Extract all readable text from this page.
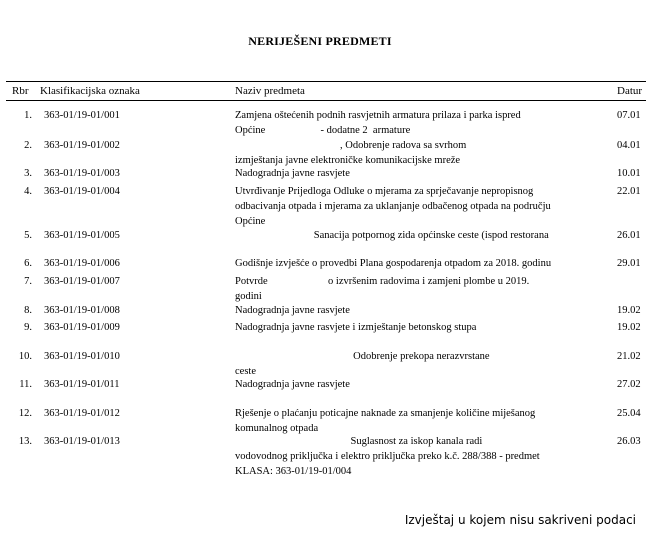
NERIJEŠENI PREDMETI
Rbr Klasifikacijska oznaka	Naziv predmeta	Datur
1. 363-01/19-01/001	Zamjena oštećenih podnih rasvjetnih armatura prilaza i parka ispred
Općine                     - dodatne 2  armature
07.01
2. 363-01/19-01/002	, Odobrenje radova sa svrhom
izmještanja javne elektroničke komunikacijske mreže
04.01
3. 363-01/19-01/003	Nadogradnja javne rasvjete	10.01
4. 363-01/19-01/004	Utvrđivanje Prijedloga Odluke o mjerama za sprječavanje nepropisnog
odbacivanja otpada i mjerama za uklanjanje odbačenog otpada na području
Općine
22.01
5. 363-01/19-01/005	Sanacija potpornog zida općinske ceste (ispod restorana	26.01
6. 363-01/19-01/006	Godišnje izvješće o provedbi Plana gospodarenja otpadom za 2018. godinu	29.01
7. 363-01/19-01/007	Potvrde                       o izvršenim radovima i zamjeni plombe u 2019.
godini
8. 363-01/19-01/008	Nadogradnja javne rasvjete	19.02
9. 363-01/19-01/009	Nadogradnja javne rasvjete i izmještanje betonskog stupa	19.02
10. 363-01/19-01/010	Odobrenje prekopa nerazvrstane
ceste
21.02
11. 363-01/19-01/011	Nadogradnja javne rasvjete	27.02
12. 363-01/19-01/012	Rješenje o plaćanju poticajne naknade za smanjenje količine miješanog
komunalnog otpada
25.04
13. 363-01/19-01/013	Suglasnost za iskop kanala radi
vodovodnog priključka i elektro priključka preko k.č. 288/388 - predmet
KLASA: 363-01/19-01/004
26.03
Izvještaj u kojem nisu sakriveni podaci
